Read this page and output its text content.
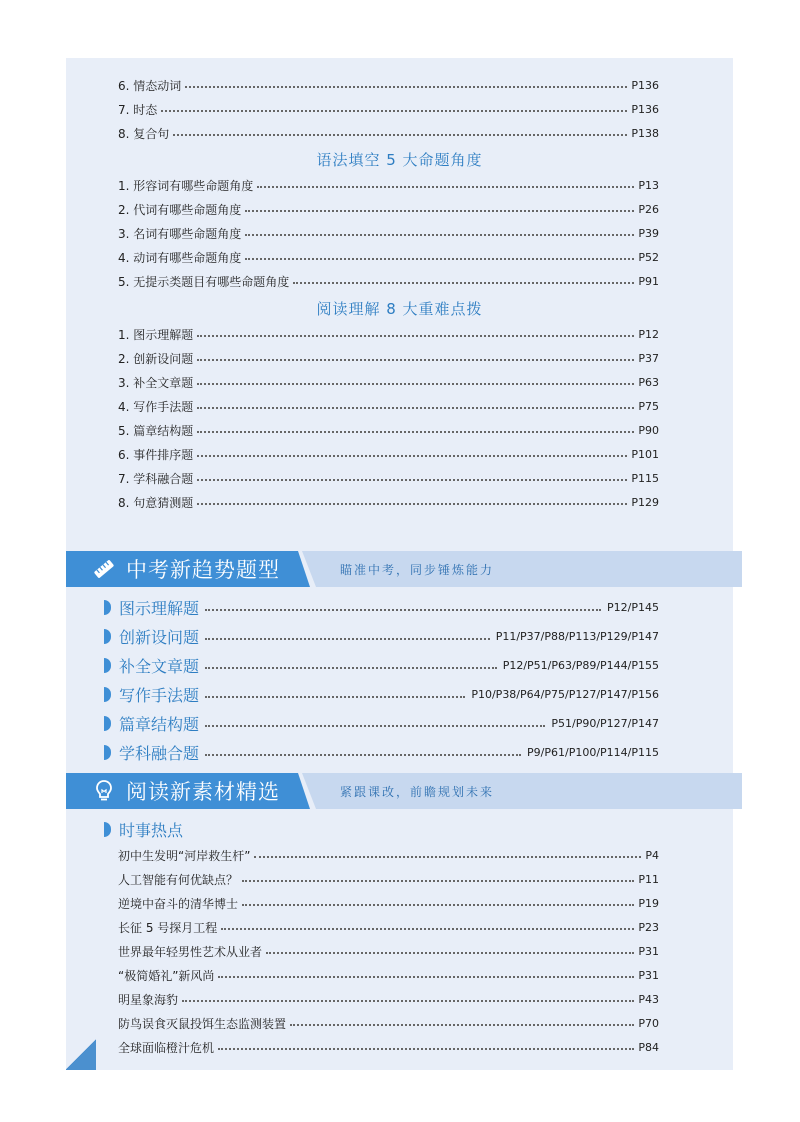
6. 情态动词	P136
7. 时态	P136
8. 复合句	P138
语法填空 5 大命题角度
1. 形容词有哪些命题角度	P13
2. 代词有哪些命题角度	P26
3. 名词有哪些命题角度	P39
4. 动词有哪些命题角度	P52
5. 无提示类题目有哪些命题角度	P91
阅读理解 8 大重难点拨
1. 图示理解题	P12
2. 创新设问题	P37
3. 补全文章题	P63
4. 写作手法题	P75
5. 篇章结构题	P90
6. 事件排序题	P101
7. 学科融合题	P115
8. 句意猜测题	P129
中考新趋势题型	瞄准中考，同步锤炼能力
图示理解题	P12/P145
创新设问题	P11/P37/P88/P113/P129/P147
补全文章题	P12/P51/P63/P89/P144/P155
写作手法题	P10/P38/P64/P75/P127/P147/P156
篇章结构题	P51/P90/P127/P147
学科融合题	P9/P61/P100/P114/P115
阅读新素材精选	紧跟课改，前瞻规划未来
时事热点
初中生发明“河岸救生杆”	P4
人工智能有何优缺点？	P11
逆境中奋斗的清华博士	P19
长征 5 号探月工程	P23
世界最年轻男性艺术从业者	P31
“极简婚礼”新风尚	P31
明星象海豹	P43
防鸟误食灭鼠投饵生态监测装置	P70
全球面临橙汁危机	P84
